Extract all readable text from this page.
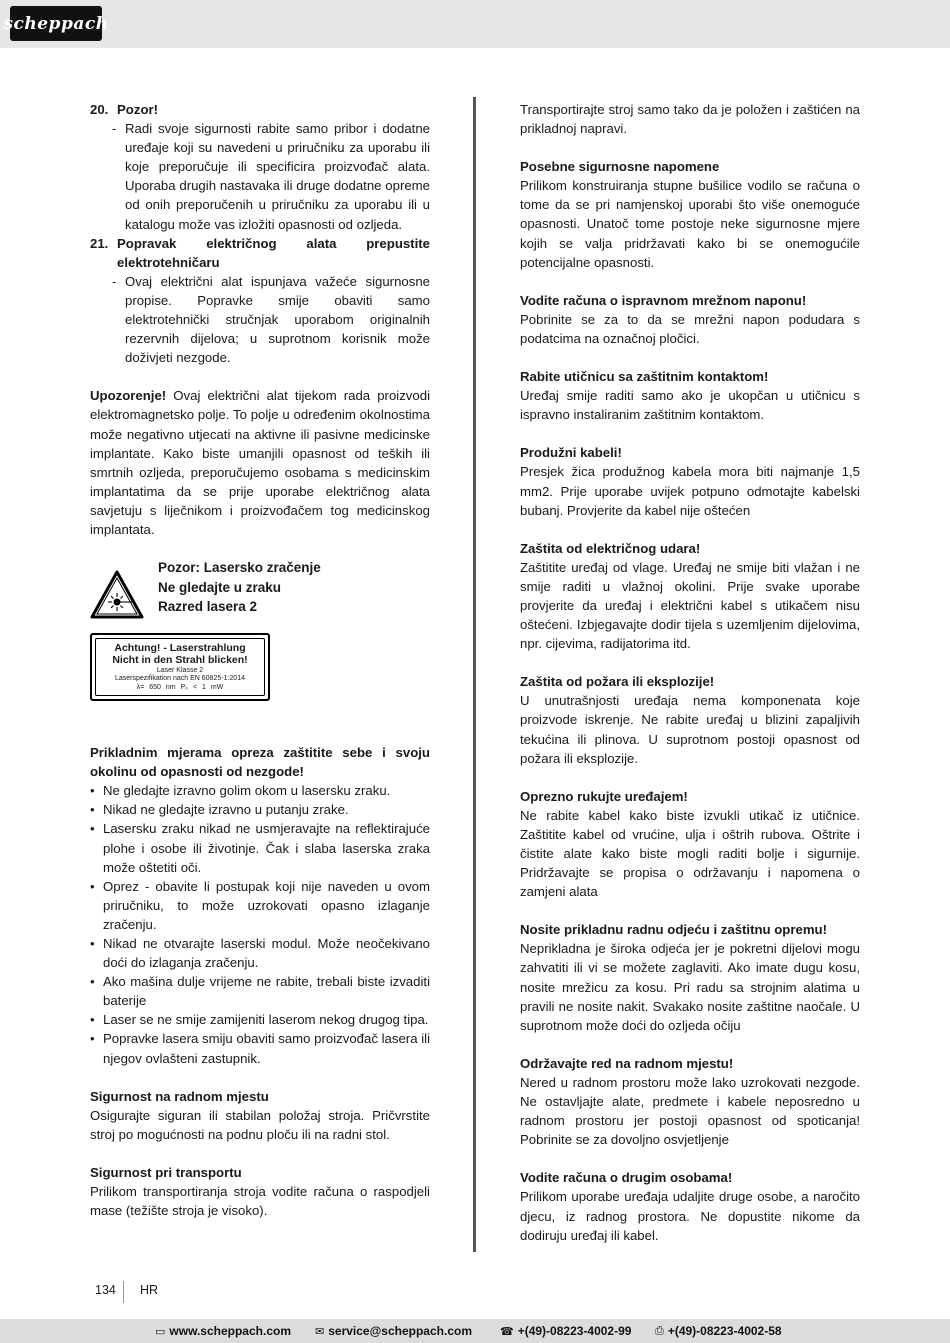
scheppach
20. Pozor!
- Radi svoje sigurnosti rabite samo pribor i dodatne uređaje koji su navedeni u priručniku za uporabu ili koje preporučuje ili specificira proizvođač alata. Uporaba drugih nastavaka ili druge dodatne opreme od onih preporučenih u priručniku za uporabu ili u katalogu može vas izložiti opasnosti od ozljeda.
21. Popravak električnog alata prepustite elektrotehničaru
- Ovaj električni alat ispunjava važeće sigurnosne propise. Popravke smije obaviti samo elektrotehnički stručnjak uporabom originalnih rezervnih dijelova; u suprotnom korisnik može doživjeti nezgode.

Upozorenje! Ovaj električni alat tijekom rada proizvodi elektromagnetsko polje. To polje u određenim okolnostima može negativno utjecati na aktivne ili pasivne medicinske implantate. Kako biste umanjili opasnost od teških ili smrtnih ozljeda, preporučujemo osobama s medicinskim implantatima da se prije uporabe električnog alata savjetuju s liječnikom i proizvođačem tog medicinskog implantata.

Pozor: Lasersko zračenje
Ne gledajte u zraku
Razred lasera 2
Achtung! - Laserstrahlung
Nicht in den Strahl blicken!
Laser Klasse 2
Laserspezifikation nach EN 60825-1:2014
λ= 650 nm P₀ < 1 mW

Prikladnim mjerama opreza zaštitite sebe i svoju okolinu od opasnosti od nezgode!

• Ne gledajte izravno golim okom u lasersku zraku.
• Nikad ne gledajte izravno u putanju zrake.
• Lasersku zraku nikad ne usmjeravajte na reflektirajuće plohe i osobe ili životinje. Čak i slaba laserska zraka može oštetiti oči.
• Oprez - obavite li postupak koji nije naveden u ovom priručniku, to može uzrokovati opasno izlaganje zračenju.
• Nikad ne otvarajte laserski modul. Može neočekivano doći do izlaganja zračenju.
• Ako mašina dulje vrijeme ne rabite, trebali biste izvaditi baterije
• Laser se ne smije zamijeniti laserom nekog drugog tipa.
• Popravke lasera smiju obaviti samo proizvođač lasera ili njegov ovlašteni zastupnik.

Sigurnost na radnom mjestu

Osigurajte siguran ili stabilan položaj stroja. Pričvrstite stroj po mogućnosti na podnu ploču ili na radni stol.

Sigurnost pri transportu

Prilikom transportiranja stroja vodite računa o raspodjeli mase (težište stroja je visoko).

Transportirajte stroj samo tako da je položen i zaštićen na prikladnoj napravi.

Posebne sigurnosne napomene

Prilikom konstruiranja stupne bušilice vodilo se računa o tome da se pri namjenskoj uporabi što više onemoguće opasnosti. Unatoč tome postoje neke sigurnosne mjere kojih se valja pridržavati kako bi se onemogućile potencijalne opasnosti.

Vodite računa o ispravnom mrežnom naponu!

Pobrinite se za to da se mrežni napon podudara s podatcima na označnoj pločici.

Rabite utičnicu sa zaštitnim kontaktom!

Uređaj smije raditi samo ako je ukopčan u utičnicu s ispravno instaliranim zaštitnim kontaktom.

Produžni kabeli!

Presjek žica produžnog kabela mora biti najmanje 1,5 mm2. Prije uporabe uvijek potpuno odmotajte kabelski bubanj. Provjerite da kabel nije oštećen

Zaštita od električnog udara!

Zaštitite uređaj od vlage. Uređaj ne smije biti vlažan i ne smije raditi u vlažnoj okolini. Prije svake uporabe provjerite da uređaj i električni kabel s utikačem nisu oštećeni. Izbjegavajte dodir tijela s uzemljenim dijelovima, npr. cijevima, radijatorima itd.

Zaštita od požara ili eksplozije!

U unutrašnjosti uređaja nema komponenata koje proizvode iskrenje. Ne rabite uređaj u blizini zapaljivih tekućina ili plinova. U suprotnom postoji opasnost od požara ili eksplozije.

Oprezno rukujte uređajem!

Ne rabite kabel kako biste izvukli utikač iz utičnice. Zaštitite kabel od vrućine, ulja i oštrih rubova. Oštrite i čistite alate kako biste mogli raditi bolje i sigurnije. Pridržavajte se propisa o održavanju i napomena o zamjeni alata

Nosite prikladnu radnu odjeću i zaštitnu opremu!

Neprikladna je široka odjeća jer je pokretni dijelovi mogu zahvatiti ili vi se možete zaglaviti. Ako imate dugu kosu, nosite mrežicu za kosu. Pri radu sa strojnim alatima u pravili ne nosite nakit. Svakako nosite zaštitne naočale. U suprotnom može doći do ozljeda očiju

Održavajte red na radnom mjestu!

Nered u radnom prostoru može lako uzrokovati nezgode. Ne ostavljajte alate, predmete i kabele neposredno u radnom prostoru jer postoji opasnost od spoticanja! Pobrinite se za dovoljno osvjetljenje

Vodite računa o drugim osobama!

Prilikom uporabe uređaja udaljite druge osobe, a naročito djecu, iz radnog prostora. Ne dopustite nikome da dodiruju uređaj ili kabel.

134 HR
▭ www.scheppach.com ✉ service@scheppach.com	☎ +(49)-08223-4002-99 ⎙ +(49)-08223-4002-58
